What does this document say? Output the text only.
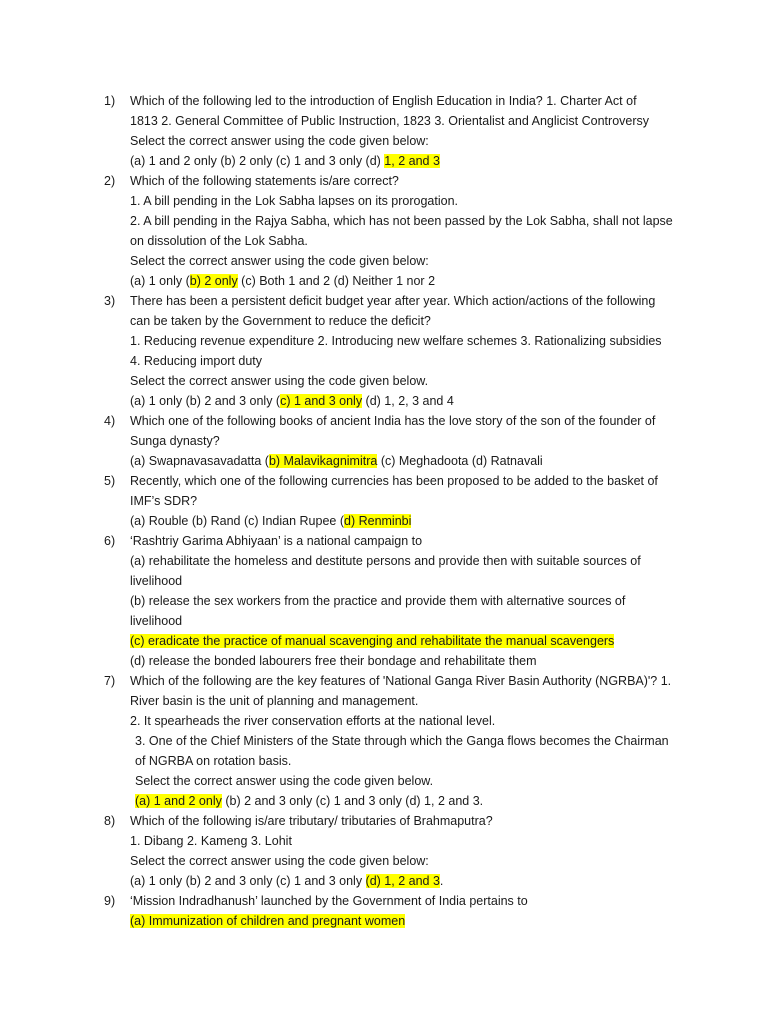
1) Which of the following led to the introduction of English Education in India? 1. Charter Act of
1813 2. General Committee of Public Instruction, 1823 3. Orientalist and Anglicist Controversy
Select the correct answer using the code given below:
(a) 1 and 2 only (b) 2 only (c) 1 and 3 only (d) 1, 2 and 3
2) Which of the following statements is/are correct?
1. A bill pending in the Lok Sabha lapses on its prorogation.
2. A bill pending in the Rajya Sabha, which has not been passed by the Lok Sabha, shall not lapse
on dissolution of the Lok Sabha.
Select the correct answer using the code given below:
(a) 1 only (b) 2 only (c) Both 1 and 2 (d) Neither 1 nor 2
3) There has been a persistent deficit budget year after year. Which action/actions of the following
can be taken by the Government to reduce the deficit?
1. Reducing revenue expenditure 2. Introducing new welfare schemes 3. Rationalizing subsidies
4. Reducing import duty
Select the correct answer using the code given below.
(a) 1 only (b) 2 and 3 only (c) 1 and 3 only (d) 1, 2, 3 and 4
4) Which one of the following books of ancient India has the love story of the son of the founder of
Sunga dynasty?
(a) Swapnavasavadatta (b) Malavikagnimitra (c) Meghadoota (d) Ratnavali
5) Recently, which one of the following currencies has been proposed to be added to the basket of
IMF’s SDR?
(a) Rouble (b) Rand (c) Indian Rupee (d) Renminbi
6) ‘Rashtriy Garima Abhiyaan’ is a national campaign to
(a) rehabilitate the homeless and destitute persons and provide then with suitable sources of
livelihood
(b) release the sex workers from the practice and provide them with alternative sources of
livelihood
(c) eradicate the practice of manual scavenging and rehabilitate the manual scavengers
(d) release the bonded labourers free their bondage and rehabilitate them
7) Which of the following are the key features of 'National Ganga River Basin Authority (NGRBA)'? 1.
River basin is the unit of planning and management.
2. It spearheads the river conservation efforts at the national level.
3. One of the Chief Ministers of the State through which the Ganga flows becomes the Chairman
of NGRBA on rotation basis.
Select the correct answer using the code given below.
(a) 1 and 2 only (b) 2 and 3 only (c) 1 and 3 only (d) 1, 2 and 3.
8) Which of the following is/are tributary/ tributaries of Brahmaputra?
1. Dibang 2. Kameng 3. Lohit
Select the correct answer using the code given below:
(a) 1 only (b) 2 and 3 only (c) 1 and 3 only (d) 1, 2 and 3.
9) ‘Mission Indradhanush’ launched by the Government of India pertains to
(a) Immunization of children and pregnant women
